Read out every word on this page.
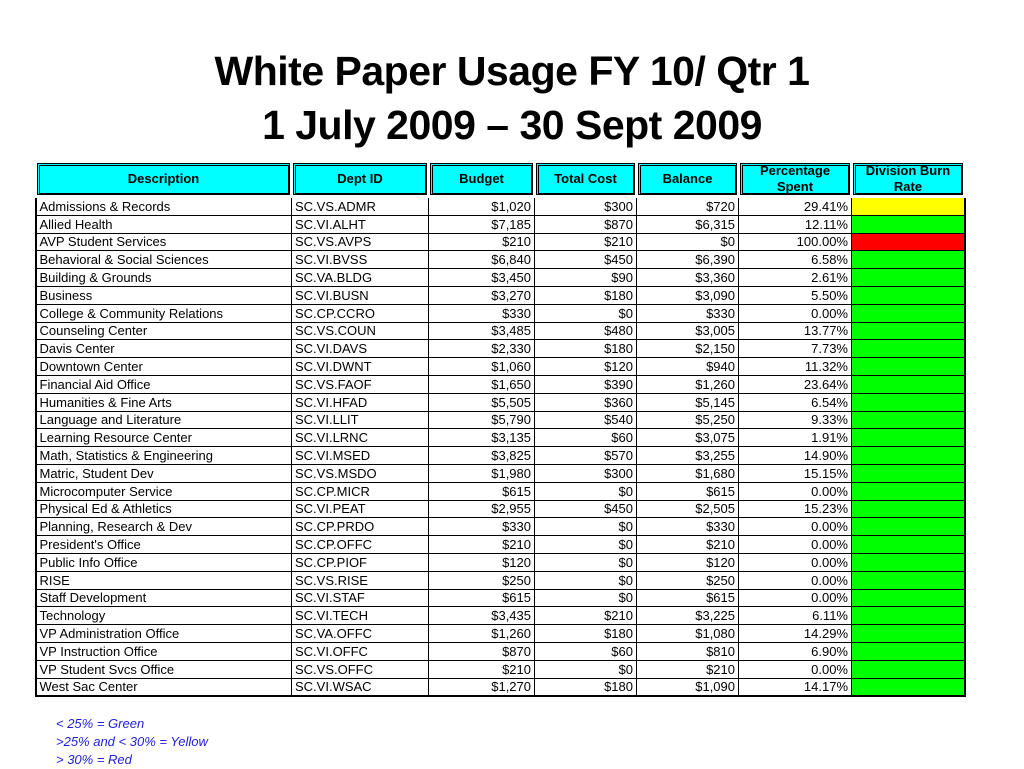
White Paper Usage FY 10/ Qtr 1
1 July 2009 – 30 Sept 2009
Description	Dept ID	Budget	Total Cost	Balance	Percentage Spent	Division Burn Rate
Admissions & Records	SC.VS.ADMR	$1,020	$300	$720	29.41%	

Allied Health	SC.VI.ALHT	$7,185	$870	$6,315	12.11%	

AVP Student Services	SC.VS.AVPS	$210	$210	$0	100.00%	

Behavioral & Social Sciences	SC.VI.BVSS	$6,840	$450	$6,390	6.58%	

Building & Grounds	SC.VA.BLDG	$3,450	$90	$3,360	2.61%	

Business	SC.VI.BUSN	$3,270	$180	$3,090	5.50%	

College & Community Relations	SC.CP.CCRO	$330	$0	$330	0.00%	

Counseling Center	SC.VS.COUN	$3,485	$480	$3,005	13.77%	

Davis Center	SC.VI.DAVS	$2,330	$180	$2,150	7.73%	

Downtown Center	SC.VI.DWNT	$1,060	$120	$940	11.32%	

Financial Aid Office	SC.VS.FAOF	$1,650	$390	$1,260	23.64%	

Humanities & Fine Arts	SC.VI.HFAD	$5,505	$360	$5,145	6.54%	

Language and Literature	SC.VI.LLIT	$5,790	$540	$5,250	9.33%	

Learning Resource Center	SC.VI.LRNC	$3,135	$60	$3,075	1.91%	

Math, Statistics & Engineering	SC.VI.MSED	$3,825	$570	$3,255	14.90%	

Matric, Student Dev	SC.VS.MSDO	$1,980	$300	$1,680	15.15%	

Microcomputer Service	SC.CP.MICR	$615	$0	$615	0.00%	

Physical Ed & Athletics	SC.VI.PEAT	$2,955	$450	$2,505	15.23%	

Planning, Research & Dev	SC.CP.PRDO	$330	$0	$330	0.00%	

President's Office	SC.CP.OFFC	$210	$0	$210	0.00%	

Public Info Office	SC.CP.PIOF	$120	$0	$120	0.00%	

RISE	SC.VS.RISE	$250	$0	$250	0.00%	

Staff Development	SC.VI.STAF	$615	$0	$615	0.00%	

Technology	SC.VI.TECH	$3,435	$210	$3,225	6.11%	

VP Administration Office	SC.VA.OFFC	$1,260	$180	$1,080	14.29%	

VP Instruction Office	SC.VI.OFFC	$870	$60	$810	6.90%	

VP Student Svcs Office	SC.VS.OFFC	$210	$0	$210	0.00%	

West Sac Center	SC.VI.WSAC	$1,270	$180	$1,090	14.17%	
< 25% = Green
>25% and < 30% = Yellow
> 30% = Red
